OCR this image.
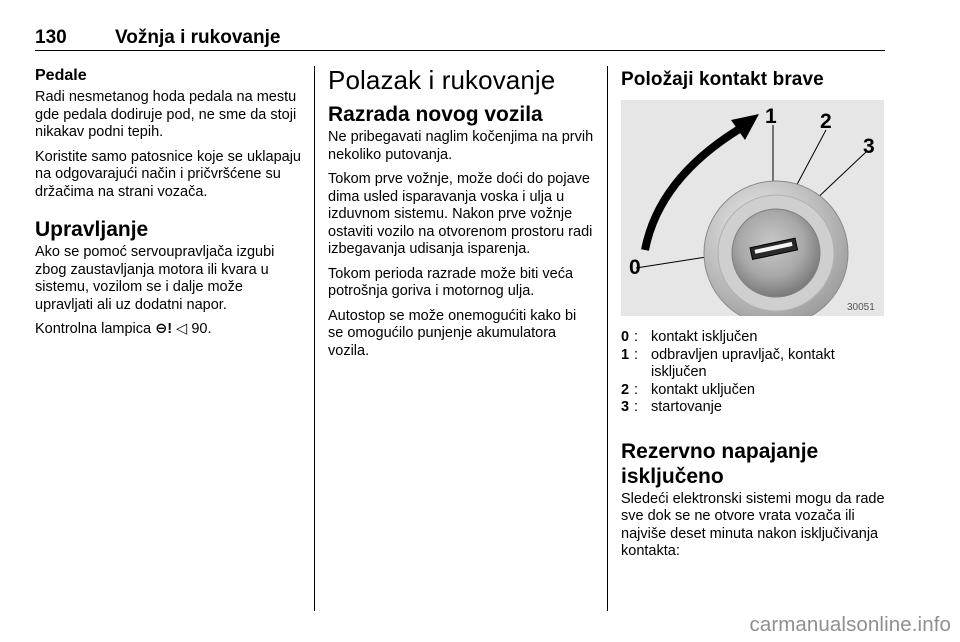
130	Vožnja i rukovanje
Pedale

Radi nesmetanog hoda pedala na mestu gde pedala dodiruje pod, ne sme da stoji nikakav podni tepih.

Koristite samo patosnice koje se uklapaju na odgovarajući način i pričvršćene su držačima na strani vozača.

Upravljanje

Ako se pomoć servoupravljača izgubi zbog zaustavljanja motora ili kvara u sistemu, vozilom se i dalje može upravljati ali uz dodatni napor.

Kontrolna lampica ⊖! ◁ 90.

Polazak i rukovanje
Razrada novog vozila

Ne pribegavati naglim kočenjima na prvih nekoliko putovanja.

Tokom prve vožnje, može doći do pojave dima usled isparavanja voska i ulja u izduvnom sistemu. Nakon prve vožnje ostaviti vozilo na otvorenom prostoru radi izbegavanja udisanja isparenja.

Tokom perioda razrade može biti veća potrošnja goriva i motornog ulja.

Autostop se može onemogućiti kako bi se omogućilo punjenje akumulatora vozila.

Položaji kontakt brave
0
1 2
3
30051
0 : kontakt isključen
1 : odbravljen upravljač, kontakt isključen
2 : kontakt uključen
3 : startovanje
Rezervno napajanje isključeno

Sledeći elektronski sistemi mogu da rade sve dok se ne otvore vrata vozača ili najviše deset minuta nakon isključivanja kontakta:

carmanualsonline.info
